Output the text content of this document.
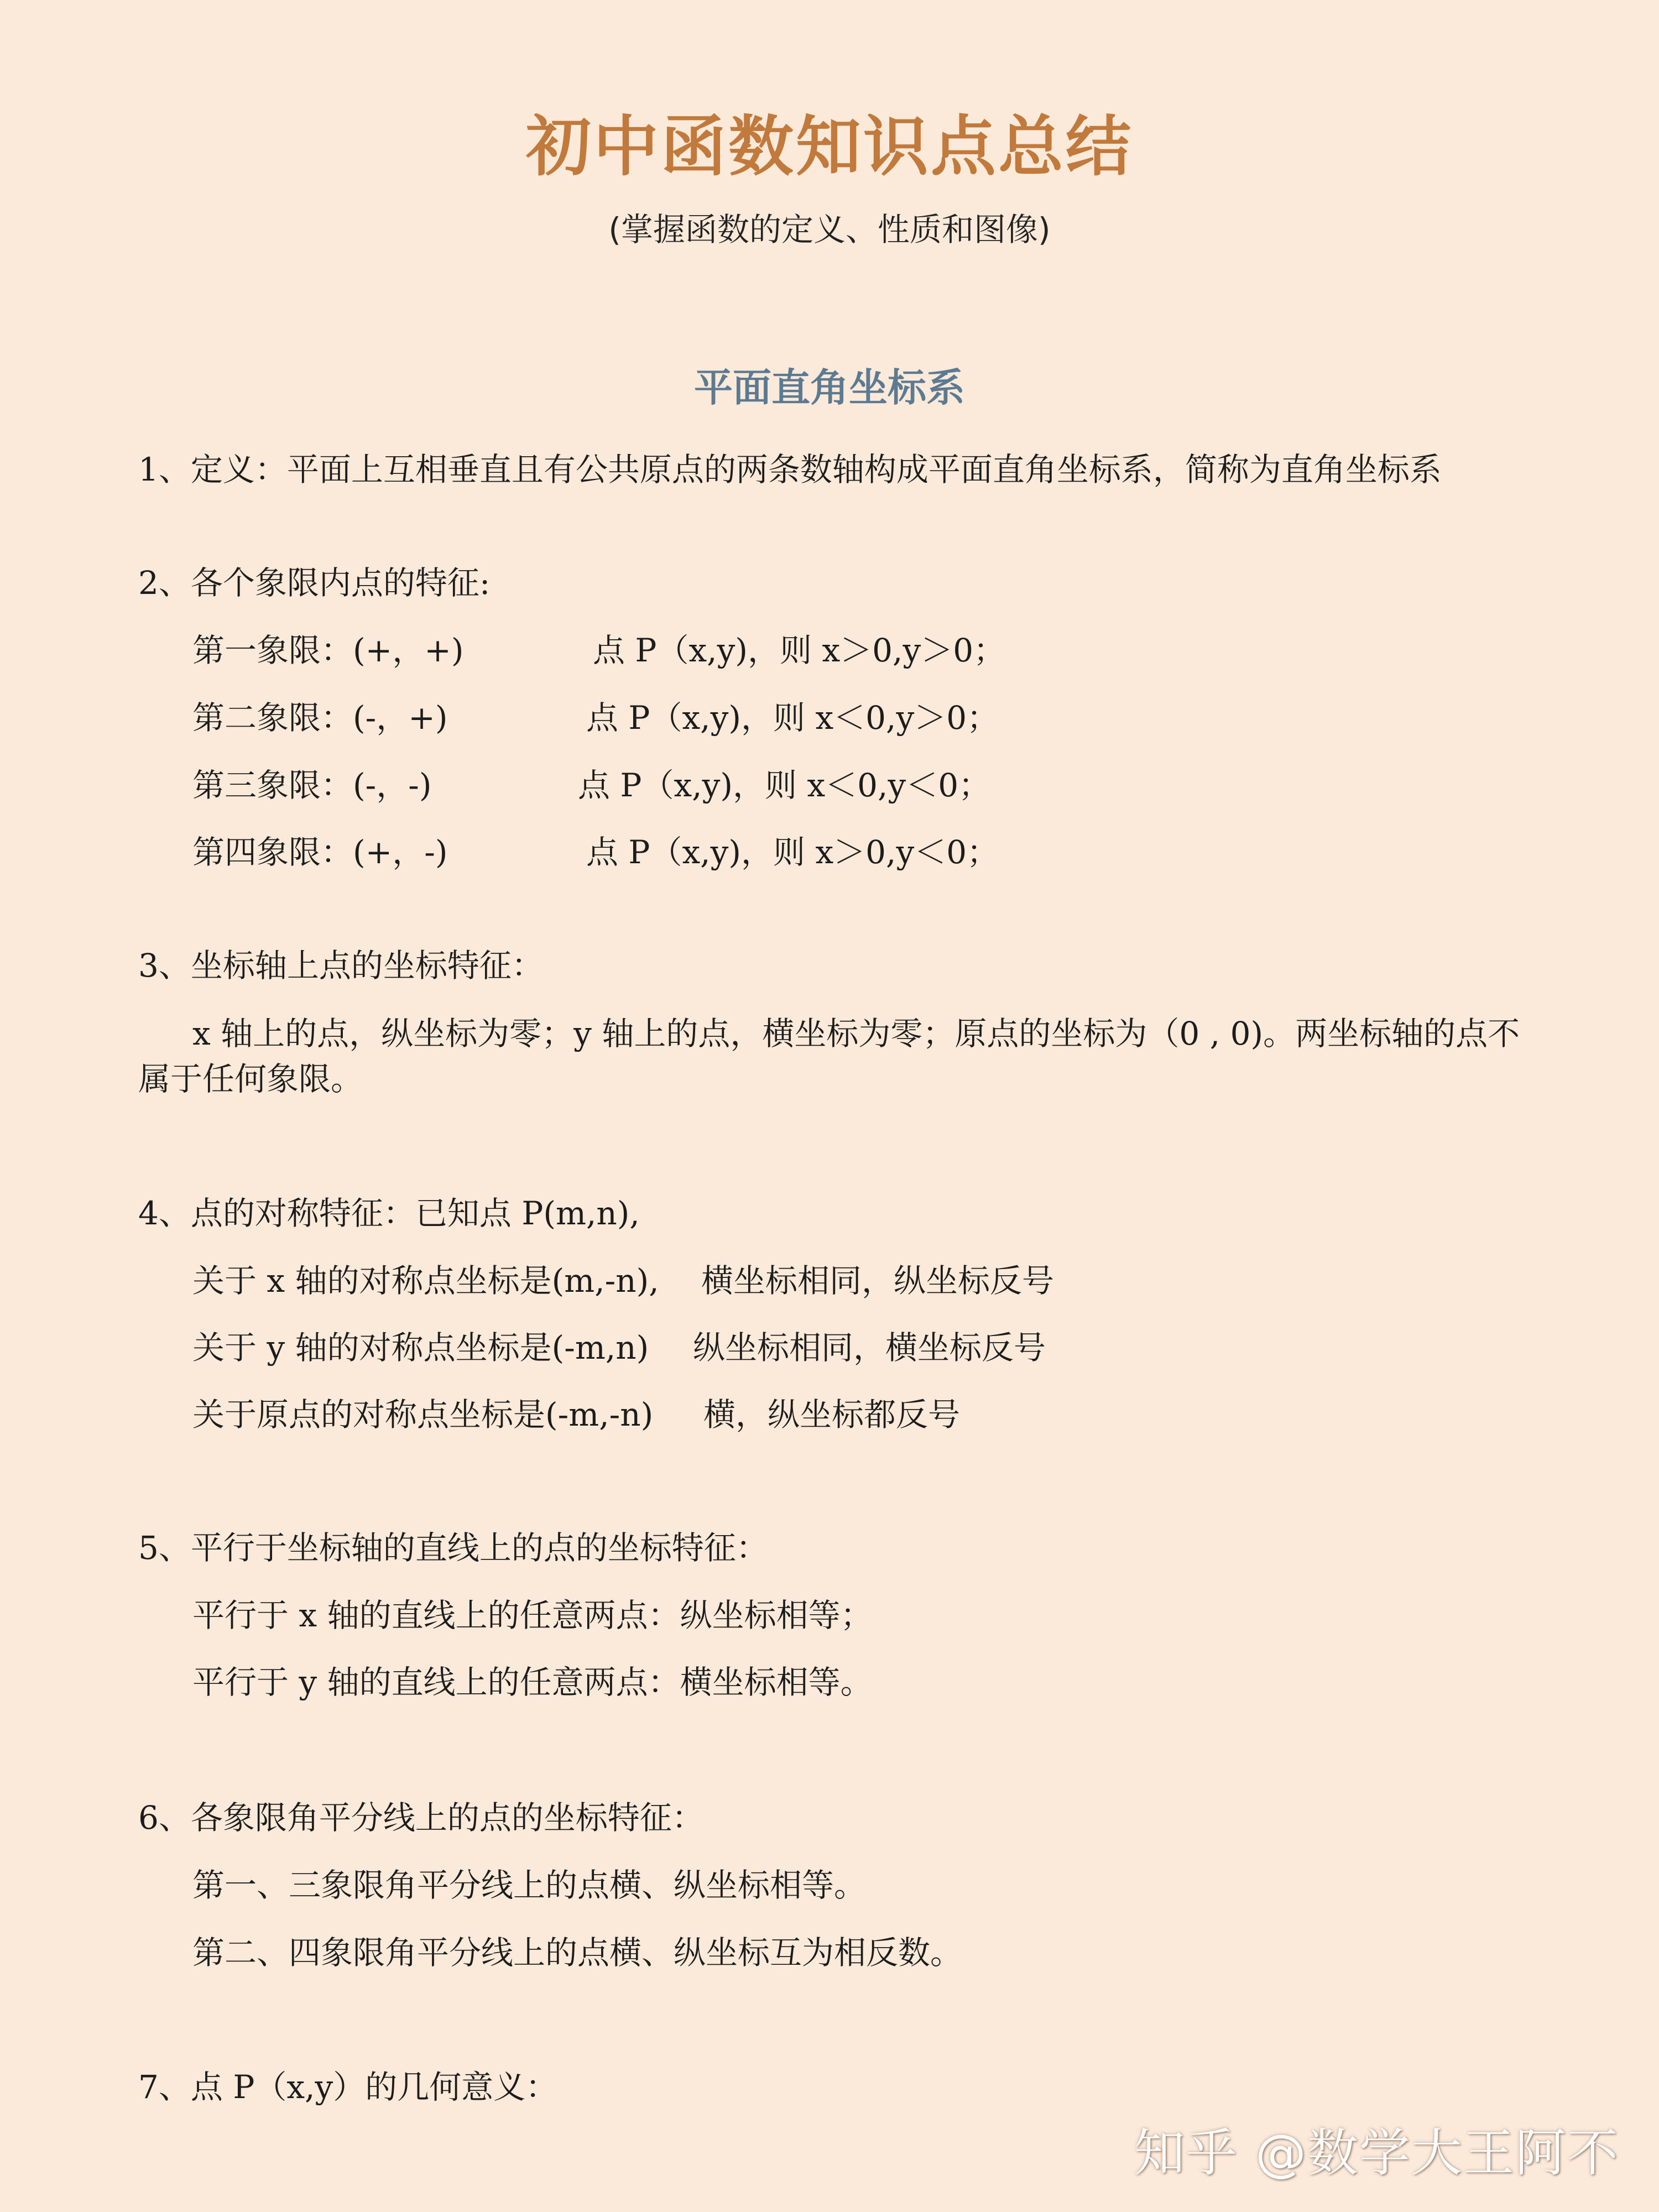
初中函数知识点总结
(掌握函数的定义、性质和图像)
平面直角坐标系
1、定义：平面上互相垂直且有公共原点的两条数轴构成平面直角坐标系，简称为直角坐标系
2、各个象限内点的特征:
第一象限：(+，+)	点 P（x,y)，则 x＞0,y＞0；
第二象限：(-，+)	点 P（x,y)，则 x＜0,y＞0；
第三象限：(-，-)	点 P（x,y)，则 x＜0,y＜0；
第四象限：(+，-)	点 P（x,y)，则 x＞0,y＜0；
3、坐标轴上点的坐标特征：
x 轴上的点，纵坐标为零；y 轴上的点，横坐标为零；原点的坐标为（0 , 0)。两坐标轴的点不属于任何象限。
4、点的对称特征：已知点 P(m,n),
关于 x 轴的对称点坐标是(m,-n), 横坐标相同，纵坐标反号
关于 y 轴的对称点坐标是(-m,n) 纵坐标相同，横坐标反号
关于原点的对称点坐标是(-m,-n) 横，纵坐标都反号
5、平行于坐标轴的直线上的点的坐标特征：
平行于 x 轴的直线上的任意两点：纵坐标相等；
平行于 y 轴的直线上的任意两点：横坐标相等。
6、各象限角平分线上的点的坐标特征：
第一、三象限角平分线上的点横、纵坐标相等。
第二、四象限角平分线上的点横、纵坐标互为相反数。
7、点 P（x,y）的几何意义：
知乎 @数学大王阿不
